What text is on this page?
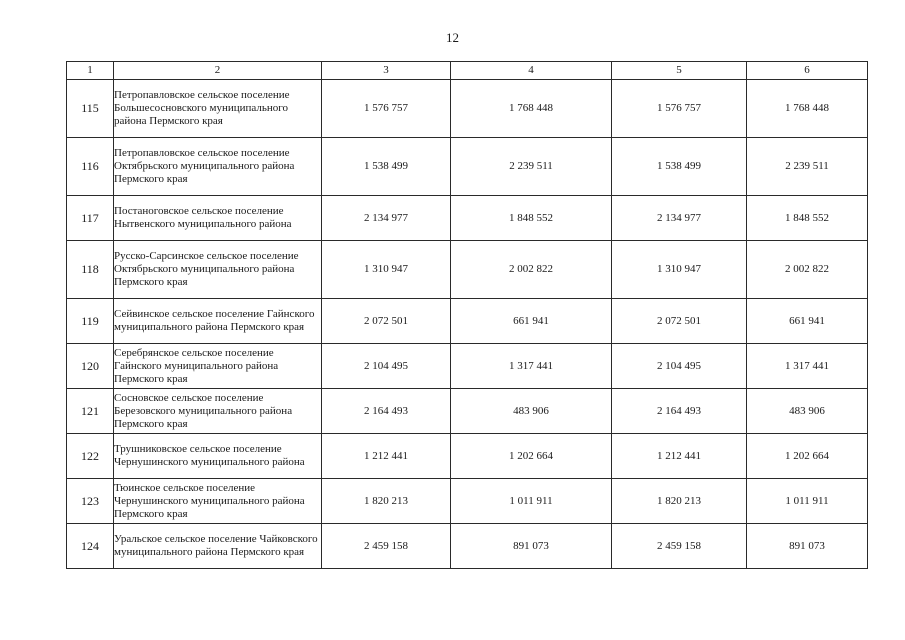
12
1	2	3	4	5	6
115	Петропавловское сельское поселение Большесосновского муниципального района Пермского края	1 576 757	1 768 448	1 576 757	1 768 448
116	Петропавловское сельское поселение Октябрьского муниципального района Пермского края	1 538 499	2 239 511	1 538 499	2 239 511
117	Постаноговское сельское поселение Нытвенского муниципального района	2 134 977	1 848 552	2 134 977	1 848 552
118	Русско-Сарсинское сельское поселение Октябрьского муниципального района Пермского края	1 310 947	2 002 822	1 310 947	2 002 822
119	Сейвинское сельское поселение Гайнского муниципального района Пермского края	2 072 501	661 941	2 072 501	661 941
120	Серебрянское сельское поселение Гайнского муниципального района Пермского края	2 104 495	1 317 441	2 104 495	1 317 441
121	Сосновское сельское поселение Березовского муниципального района Пермского края	2 164 493	483 906	2 164 493	483 906
122	Трушниковское сельское поселение Чернушинского муниципального района	1 212 441	1 202 664	1 212 441	1 202 664
123	Тюинское сельское поселение Чернушинского муниципального района Пермского края	1 820 213	1 011 911	1 820 213	1 011 911
124	Уральское сельское поселение Чайковского муниципального района Пермского края	2 459 158	891 073	2 459 158	891 073
